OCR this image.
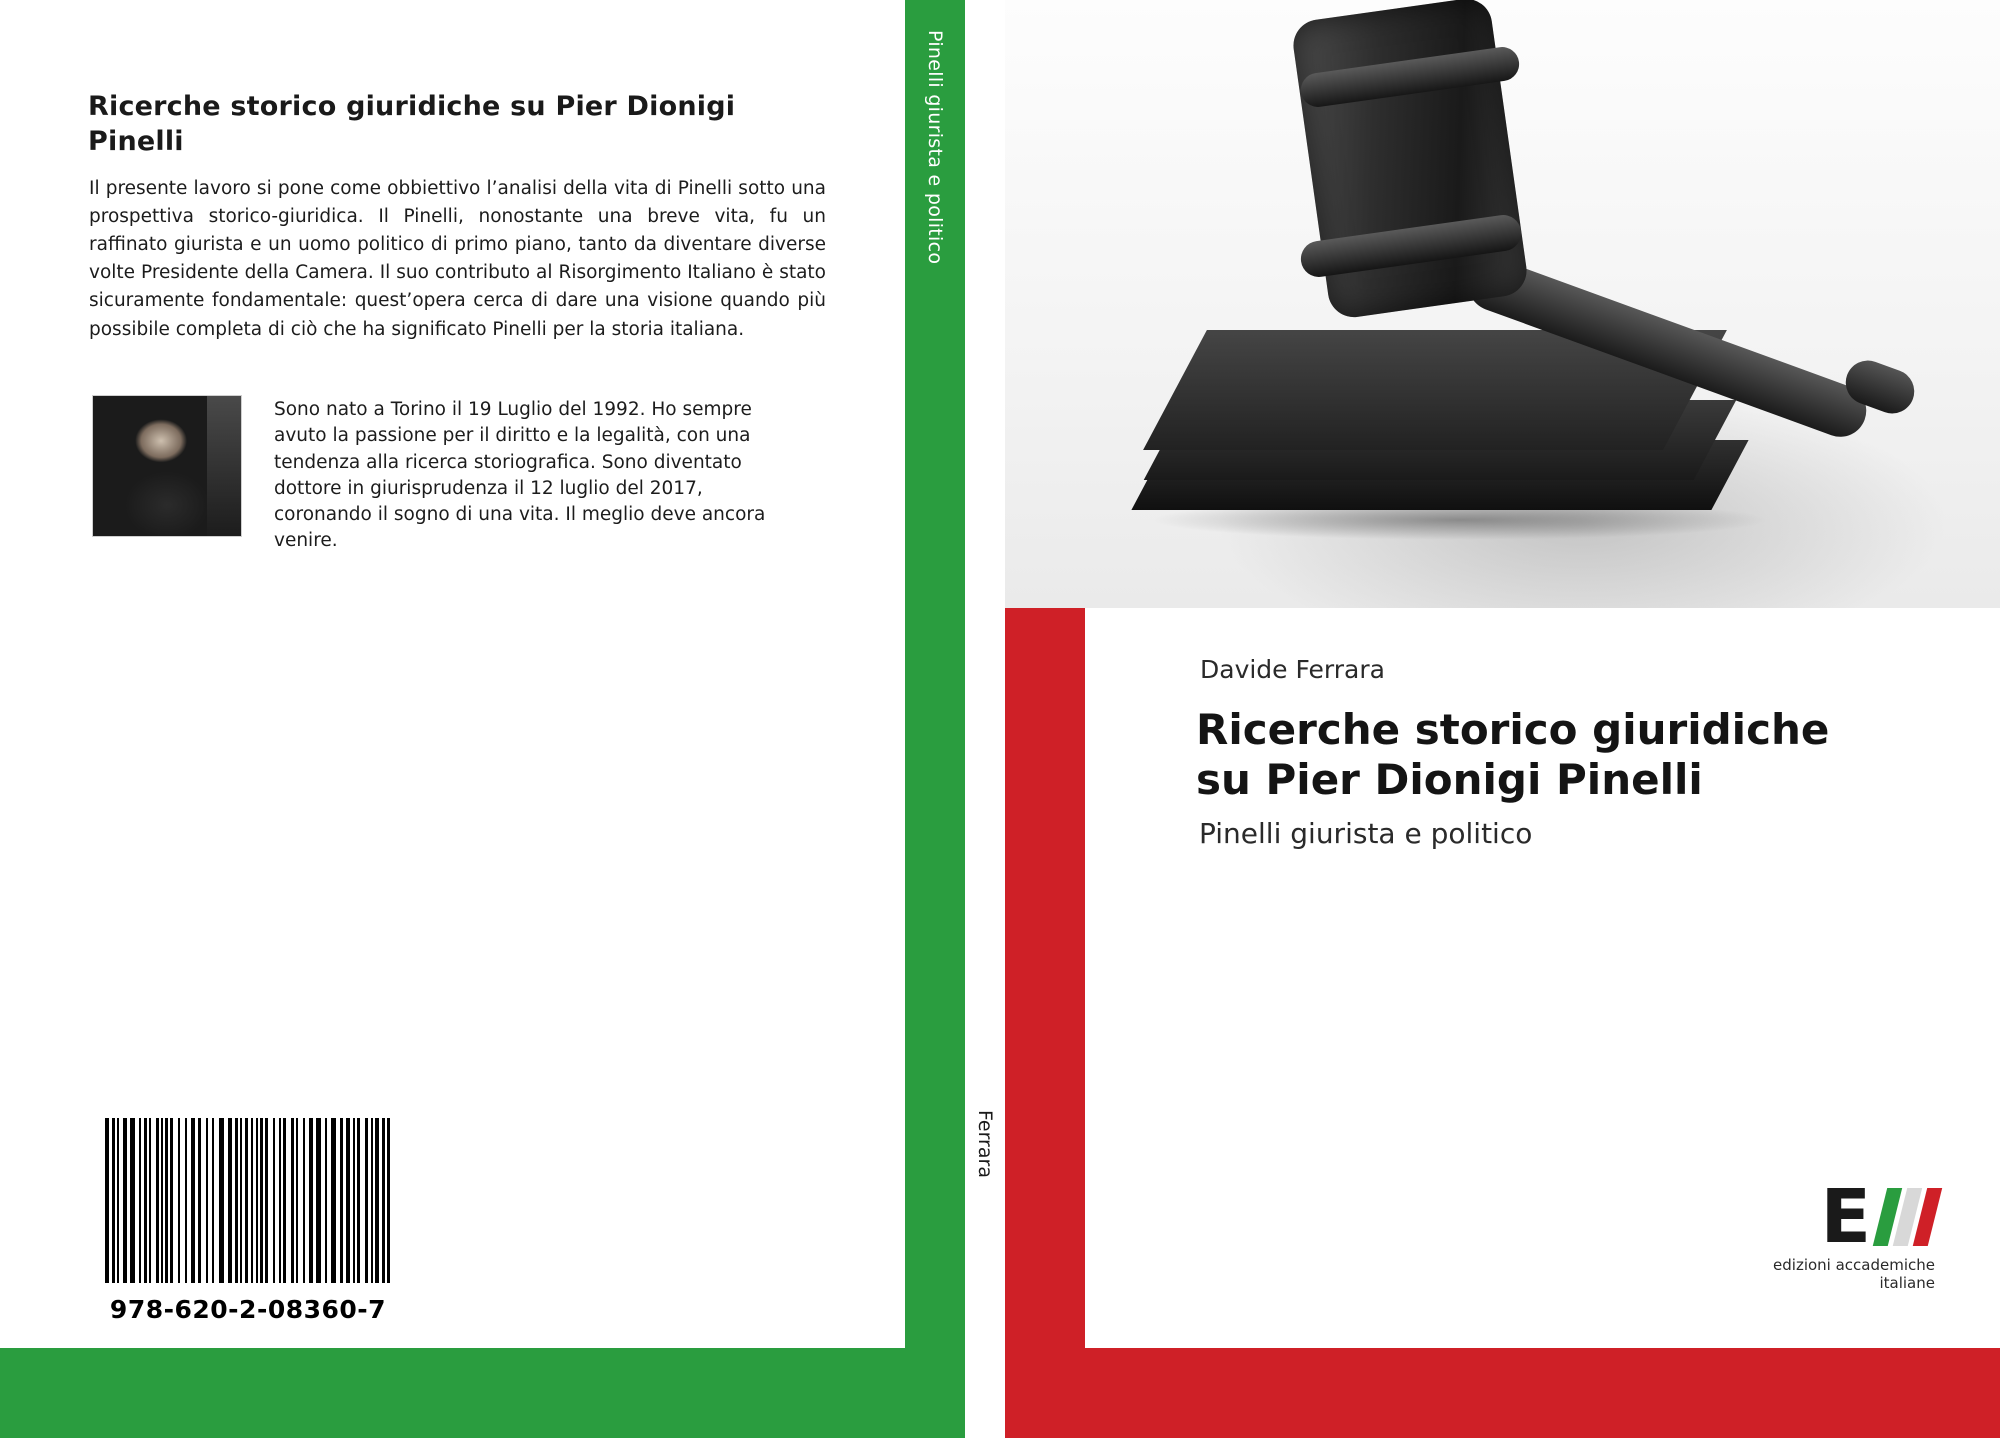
Ricerche storico giuridiche su Pier Dionigi Pinelli
Il presente lavoro si pone come obbiettivo l’analisi della vita di Pinelli sotto una prospettiva storico-giuridica. Il Pinelli, nonostante una breve vita, fu un raffinato giurista e un uomo politico di primo piano, tanto da diventare diverse volte Presidente della Camera. Il suo contributo al Risorgimento Italiano è stato sicuramente fondamentale: quest’opera cerca di dare una visione quando più possibile completa di ciò che ha significato Pinelli per la storia italiana.
Sono nato a Torino il 19 Luglio del 1992. Ho sempre avuto la passione per il diritto e la legalità, con una tendenza alla ricerca storiografica. Sono diventato dottore in giurisprudenza il 12 luglio del 2017, coronando il sogno di una vita. Il meglio deve ancora venire.
978-620-2-08360-7
Pinelli giurista e politico
Ferrara
Davide Ferrara
Ricerche storico giuridiche su Pier Dionigi Pinelli
Pinelli giurista e politico
E
edizioni accademiche italiane
